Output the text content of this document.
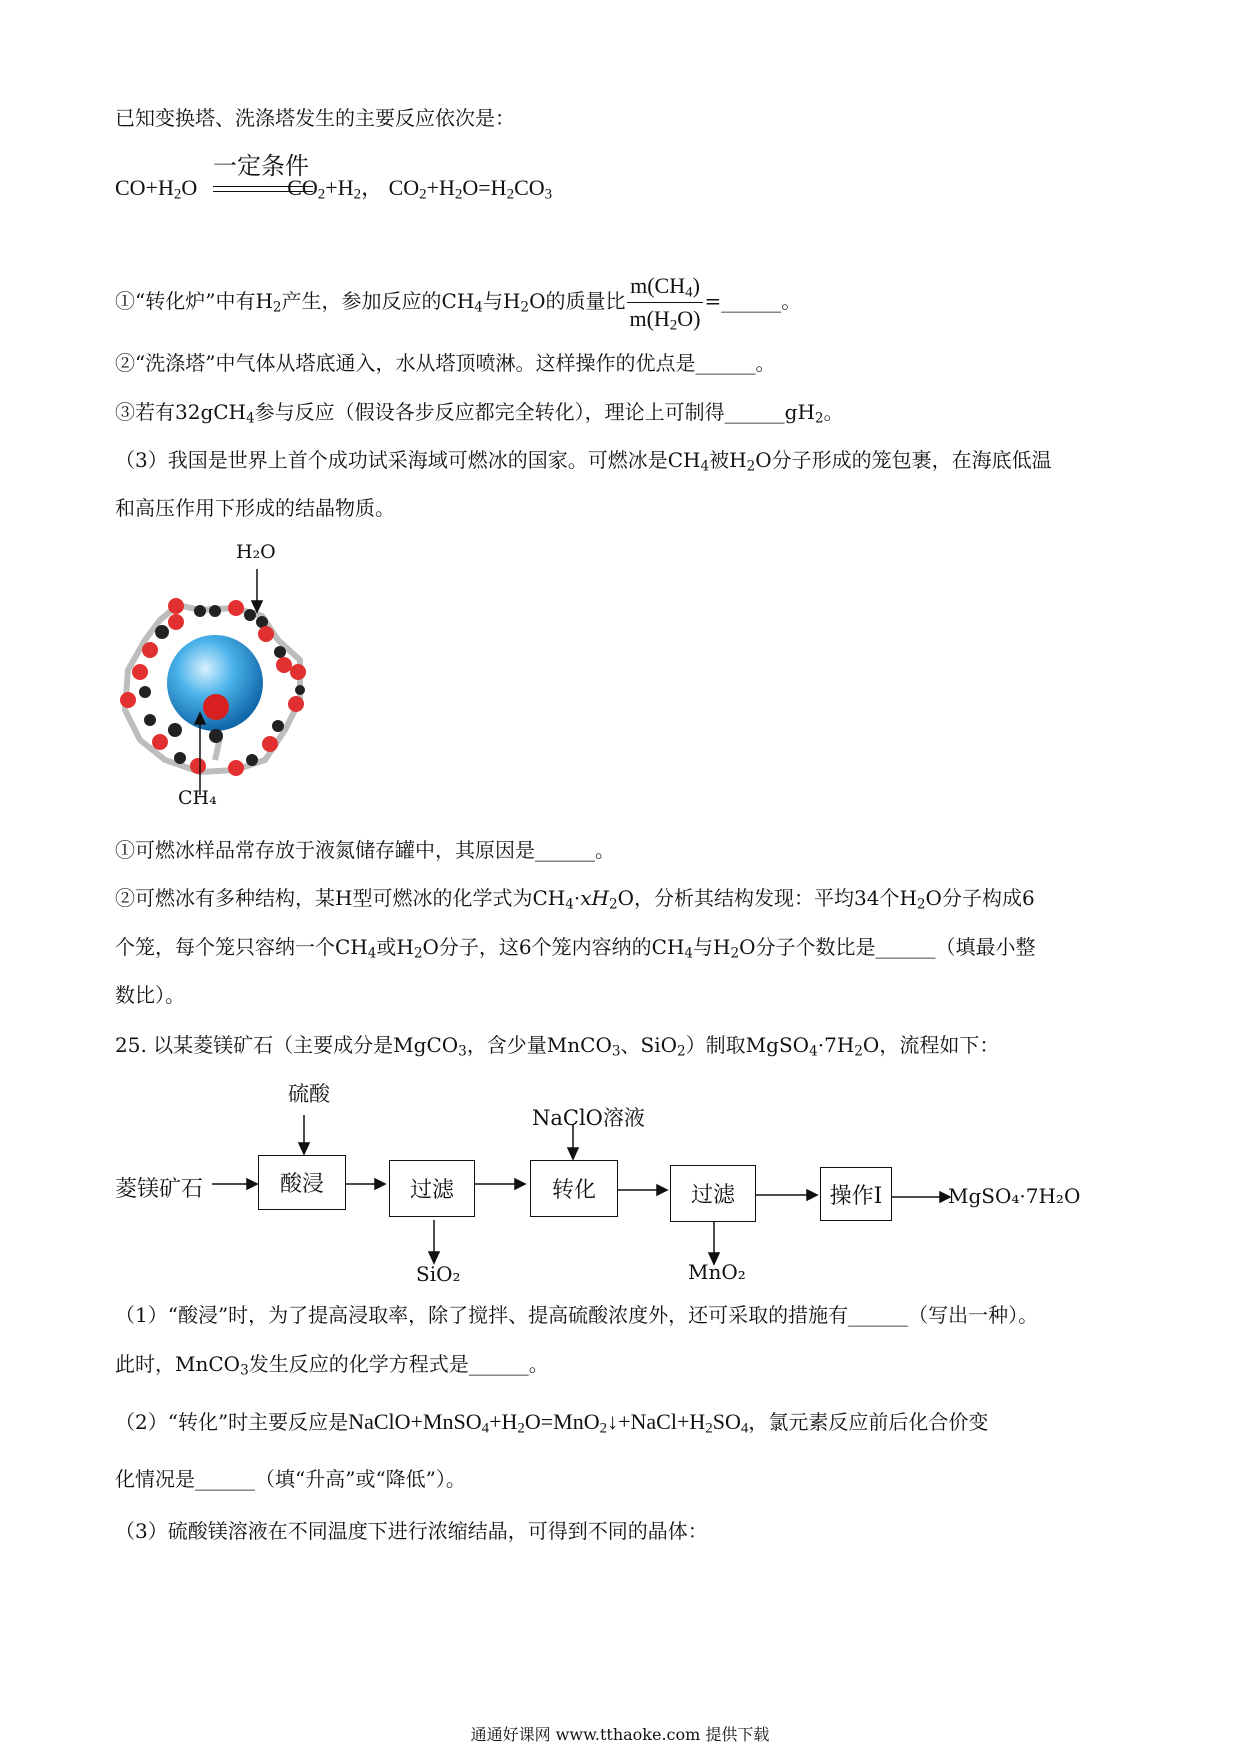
已知变换塔、洗涤塔发生的主要反应依次是：
$CO+H_2O$	$CO_2+H_2$， $CO_2+H_2O=H_2CO_3$
一定条件
①“转化炉”中有$H_2$产生，参加反应的$CH_4$与$H_2O$的质量比 $\frac{m(CH_4)}{m(H_2O)}$ =______。
②“洗涤塔”中气体从塔底通入，水从塔顶喷淋。这样操作的优点是______。
③若有32gCH$_4$参与反应（假设各步反应都完全转化），理论上可制得$\_\_\_\_\_\_gH_2$。
（3）我国是世界上首个成功试采海域可燃冰的国家。可燃冰是$CH_4$被$H_2O$分子形成的笼包裹，在海底低温
和高压作用下形成的结晶物质。
H₂O
CH₄
①可燃冰样品常存放于液氮储存罐中，其原因是______。
②可燃冰有多种结构，某H型可燃冰的化学式为$CH_4\cdot xH_2O$，分析其结构发现：平均34个$H_2O$分子构成6
个笼，每个笼只容纳一个$CH_4$或$H_2O$分子，这6个笼内容纳的$CH_4$与$H_2O$分子个数比是______（填最小整
数比）。
25. 以某菱镁矿石（主要成分是MgCO$_3$，含少量MnCO$_3$、SiO$_2$）制取$MgSO_4\cdot 7H_2O$，流程如下：
硫酸
NaClO溶液
菱镁矿石	酸浸	过滤	转化	过滤	操作I	MgSO₄·7H₂O
SiO₂	MnO₂
（1）“酸浸”时，为了提高浸取率，除了搅拌、提高硫酸浓度外，还可采取的措施有______（写出一种）。
此时，MnCO$_3$发生反应的化学方程式是______。
（2）“转化”时主要反应是$NaClO+MnSO_4+H_2O=MnO_2↓+NaCl+H_2SO_4$，氯元素反应前后化合价变
化情况是______（填“升高”或“降低”）。
（3）硫酸镁溶液在不同温度下进行浓缩结晶，可得到不同的晶体：
通通好课网 www.tthaoke.com 提供下载
